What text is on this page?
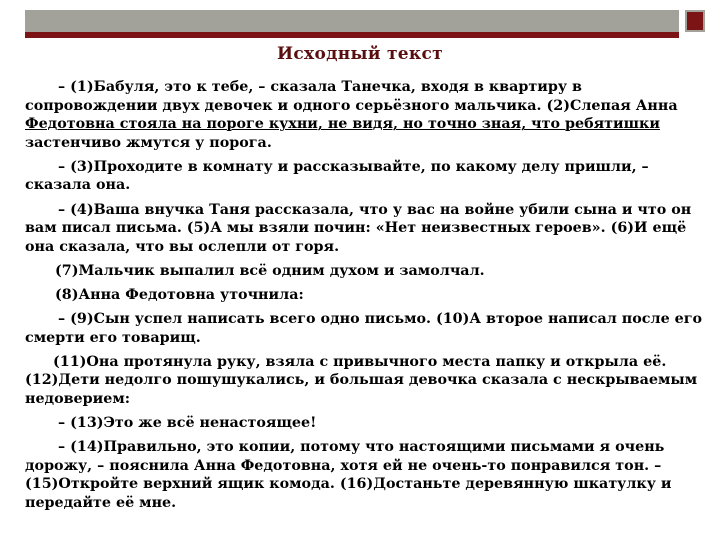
Исходный текст

– (1)Бабуля, это к тебе, – сказала Танечка, входя в квартиру в сопровождении двух девочек и одного серьёзного мальчика. (2)Слепая Анна Федотовна стояла на пороге кухни, не видя, но точно зная, что ребятишки застенчиво жмутся у порога.

– (3)Проходите в комнату и рассказывайте, по какому делу пришли, – сказала она.

– (4)Ваша внучка Таня рассказала, что у вас на войне убили сына и что он вам писал письма. (5)А мы взяли почин: «Нет неизвестных героев». (6)И ещё она сказала, что вы ослепли от горя.

(7)Мальчик выпалил всё одним духом и замолчал.

(8)Анна Федотовна уточнила:

– (9)Сын успел написать всего одно письмо. (10)А второе написал после его смерти его товарищ.

(11)Она протянула руку, взяла с привычного места папку и открыла её. (12)Дети недолго пошушукались, и большая девочка сказала с нескрываемым недоверием:

– (13)Это же всё ненастоящее!

– (14)Правильно, это копии, потому что настоящими письмами я очень дорожу, – пояснила Анна Федотовна, хотя ей не очень-то понравился тон. – (15)Откройте верхний ящик комода. (16)Достаньте деревянную шкатулку и передайте её мне.
